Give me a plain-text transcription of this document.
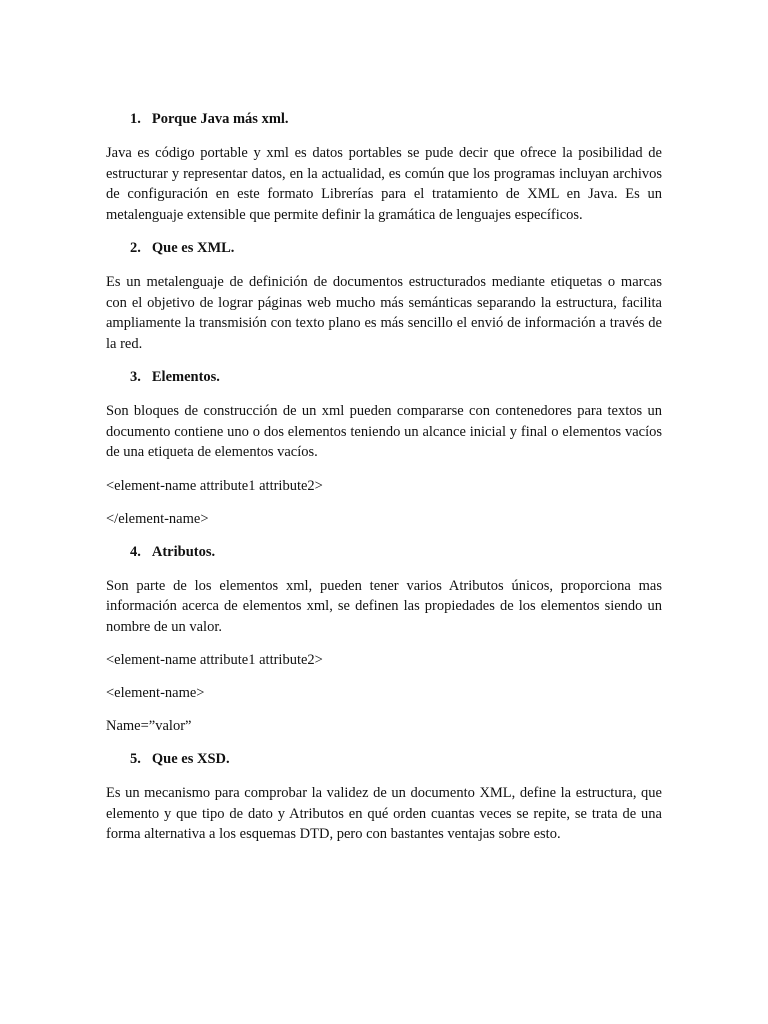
1. Porque Java más xml.

Java es código portable y xml es datos portables se pude decir que ofrece la posibilidad de estructurar y representar datos, en la actualidad, es común que los programas incluyan archivos de configuración en este formato Librerías para el tratamiento de XML en Java. Es un metalenguaje extensible que permite definir la gramática de lenguajes específicos.

2. Que es XML.

Es un metalenguaje de definición de documentos estructurados mediante etiquetas o marcas con el objetivo de lograr páginas web mucho más semánticas separando la estructura, facilita ampliamente la transmisión con texto plano es más sencillo el envió de información a través de la red.

3. Elementos.

Son bloques de construcción de un xml pueden compararse con contenedores para textos un documento contiene uno o dos elementos teniendo un alcance inicial y final o elementos vacíos de una etiqueta de elementos vacíos.

<element-name attribute1 attribute2>

</element-name>

4. Atributos.

Son parte de los elementos xml, pueden tener varios Atributos únicos, proporciona mas información acerca de elementos xml, se definen las propiedades de los elementos siendo un nombre de un valor.

<element-name attribute1 attribute2>

<element-name>

Name=”valor”

5. Que es XSD.

Es un mecanismo para comprobar la validez de un documento XML, define la estructura, que elemento y que tipo de dato y Atributos en qué orden cuantas veces se repite, se trata de una forma alternativa a los esquemas DTD, pero con bastantes ventajas sobre esto.
